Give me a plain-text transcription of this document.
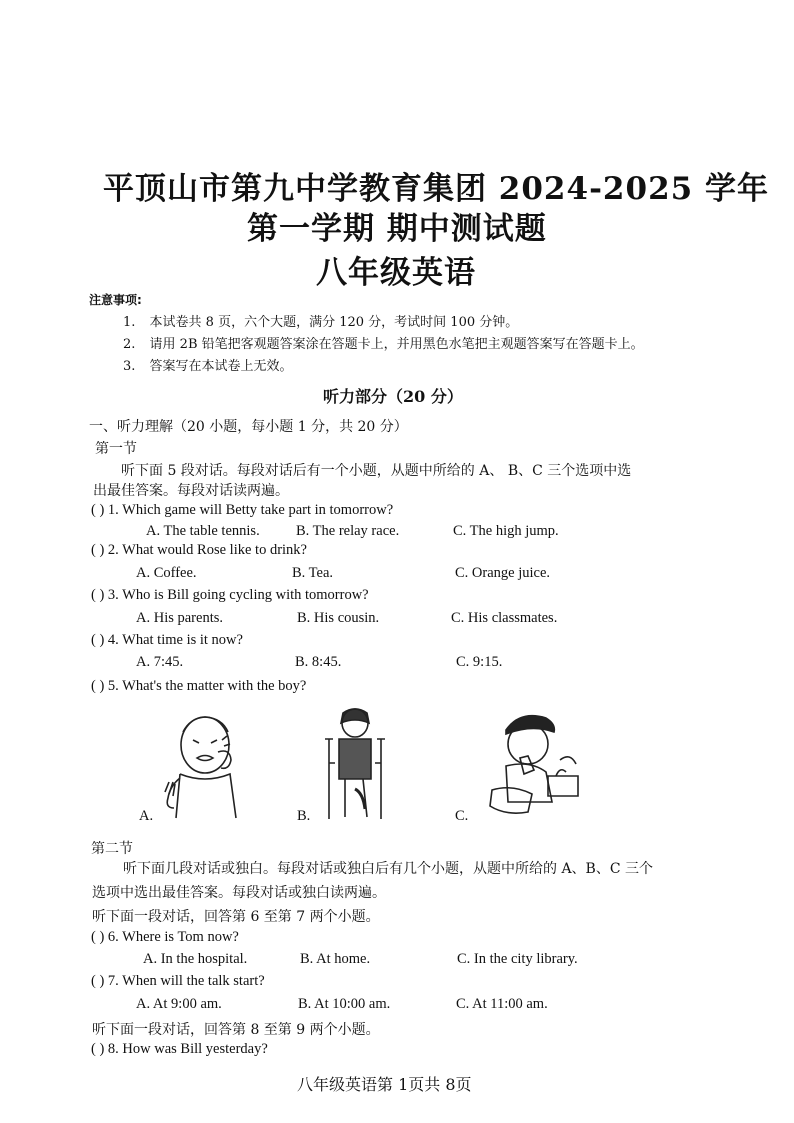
平顶山市第九中学教育集团 2024-2025 学年
第一学期 期中测试题
八年级英语
注意事项:
1. 本试卷共 8 页，六个大题，满分 120 分，考试时间 100 分钟。
2. 请用 2B 铅笔把客观题答案涂在答题卡上，并用黑色水笔把主观题答案写在答题卡上。
3. 答案写在本试卷上无效。
听力部分（20 分）
一、听力理解（20 小题，每小题 1 分，共 20 分）
第一节
听下面 5 段对话。每段对话后有一个小题，从题中所给的 A、 B、C 三个选项中选
出最佳答案。每段对话读两遍。
( ) 1. Which game will Betty take part in tomorrow?
A. The table tennis.	B. The relay race.	C. The high jump.
( ) 2. What would Rose like to drink?
A. Coffee.	B. Tea.	C. Orange juice.
( ) 3. Who is Bill going cycling with tomorrow?
A. His parents.	B. His cousin.	C. His classmates.
( ) 4. What time is it now?
A. 7:45.	B. 8:45.	C. 9:15.
( ) 5. What's the matter with the boy?
A.	B.	C.
第二节
听下面几段对话或独白。每段对话或独白后有几个小题，从题中所给的 A、B、C 三个
选项中选出最佳答案。每段对话或独白读两遍。
听下面一段对话，回答第 6 至第 7 两个小题。
( ) 6. Where is Tom now?
A. In the hospital.	B. At home.	C. In the city library.
( ) 7. When will the talk start?
A. At 9:00 am.	B. At 10:00 am.	C. At 11:00 am.
听下面一段对话，回答第 8 至第 9 两个小题。
( ) 8. How was Bill yesterday?
八年级英语第 1页共 8页
